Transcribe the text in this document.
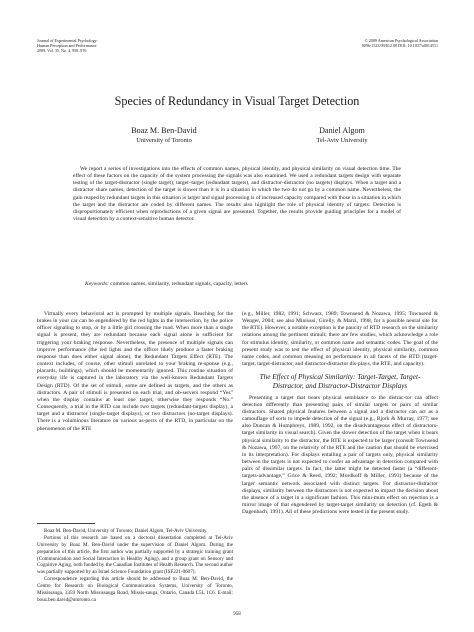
Journal of Experimental Psychology:
Human Perception and Performance
2009, Vol. 35, No. 4, 958–976
© 2009 American Psychological Association
0096-1523/09/$12.00 DOI: 10.1037/a0014511
Species of Redundancy in Visual Target Detection
Boaz M. Ben-David
University of Toronto
Daniel Algom
Tel-Aviv University

We report a series of investigations into the effects of common names, physical identity, and physical similarity on visual detection time. The effect of these factors on the capacity of the system processing the signals was also examined. We used a redundant targets design with separate testing of the target-distractor (single target), target–target (redundant targets), and distractor-distractor (no targets) displays. When a target and a distractor share names, detection of the target is slower than it is in a situation in which the two do not go by a common name. Nevertheless, the gain reaped by redundant targets in this situation is larger and signal processing is of increased capacity compared with those in a situation in which the target and the distractor are coded by different names. The results also highlight the role of physical identity of targets: Detection is disproportionately efficient when reproductions of a given signal are presented. Together, the results provide guiding principles for a model of visual detection by a context-sensitive human detector.

Keywords: common names, similarity, redundant signals, capacity, letters

Virtually every behavioral act is prompted by multiple signals. Reaching for the brakes in your car can be engendered by the red lights in the intersection, by the police officer signaling to stop, or by a little girl crossing the road. When more than a single signal is present, they are redundant because each signal alone is sufficient for triggering your braking response. Nevertheless, the presence of multiple signals can improve performance (the red lights and the officer likely produce a faster braking response than does either signal alone), the Redundant Targets Effect (RTE). The context includes, of course, other stimuli unrelated to your braking re-sponse (e.g., placards, buildings), which should be momentarily ignored. This routine situation of everyday life is captured in the laboratory via the well-known Redundant Targets Design (RTD). Of the set of stimuli, some are defined as targets, and the others as distractors. A pair of stimuli is presented on each trial, and ob-servers respond “Yes” when the display contains at least one target, otherwise they responds “No.” Consequently, a trial in the RTD can include two targets (redundant-targets display), a target and a distractor (single-target displays), or two distractors (no-target displays). There is a voluminous literature on various as-pects of the RTD, in particular on the phenomenon of the RTE

Boaz M. Ben-David, University of Toronto; Daniel Algom, Tel-Aviv University.

Portions of this research are based on a doctoral dissertation completed at Tel-Aviv University by Boaz M. Ben-David under the supervision of Daniel Algom. During the preparation of this article, the first author was partially supported by a strategic training grant (Communication and Social Interaction in Healthy Aging), and a group grant on Sensory and Cognitive Aging, both funded by the Canadian Institutes of Health Research. The second author was partially supported by an Israel Science Foundation grant (ISF221-0607).

Correspondence regarding this article should be addressed to Boaz M. Ben-David, the Centre for Research on Biological Communication Systems, University of Toronto, Mississauga, 3359 North Mississauga Road, Missis-sauga, Ontario, Canada L5L 1C6. E-mail: bouz.ben.david@utoronto.ca

(e.g., Miller, 1982, 1991; Schwarz, 1989; Townsend & Nozawa, 1995; Townsend & Wenger, 2004; see also Miniussi, Girelly, & Marzi, 1998, for a possible neural site for the RTE). However, a notable exception is the paucity of RTD research on the similarity relations among the pertinent stimuli; there are few studies, which acknowledge a role for stimulus identity, similarity, or common name and semantic codes. The goal of the present study was to test the effect of physical identity, physical similarity, common name codes, and common meaning on performance in all facets of the RTD (target-target, target-distractor, and distractor-distractor dis-plays, the RTE, and capacity).

The Effect of Physical Similarity: Target-Target, Target-
Distractor, and Distractor-Distractor Displays

Presenting a target that bears physical semblance to the distrac-tor can affect detection differently than presenting pairs of similar targets or pairs of similar distractors. Shared physical features between a signal and a distractor can act as a camouflage of sorts to impede detection of the signal (e.g., Bjork & Murray, 1977; see also Duncan & Humphreys, 1989, 1992, on the disadvantageous effect of distractors-target similarity in visual search). Given the slower detection of the target when it bears physical similarity to the distractor, the RTE is expected to be larger (consult Townsend & Nozawa, 1997, on the relativity of the RTE and the caution that should be exercised in its interpretation). For displays entailing a pair of targets only, physical similarity between the targets is not expected to confer an advantage in detection compared with pairs of dissimilar targets. In fact, the latter might be detected faster (a “different-targets-advantage,” Grice & Reed, 1992; Mordkoff & Miller, 1993) because of the larger semantic network associated with distinct targets. For distractor-distractor displays, similarity between the distractors is not expected to impact the decision about the absence of a target in a significant fashion. This mini-mum effect on rejection is a mirror image of that engendered by target-target similarity on detection (cf. Egeth & Dagenbach, 1991). All of these predictions were tested in the present study.

958
